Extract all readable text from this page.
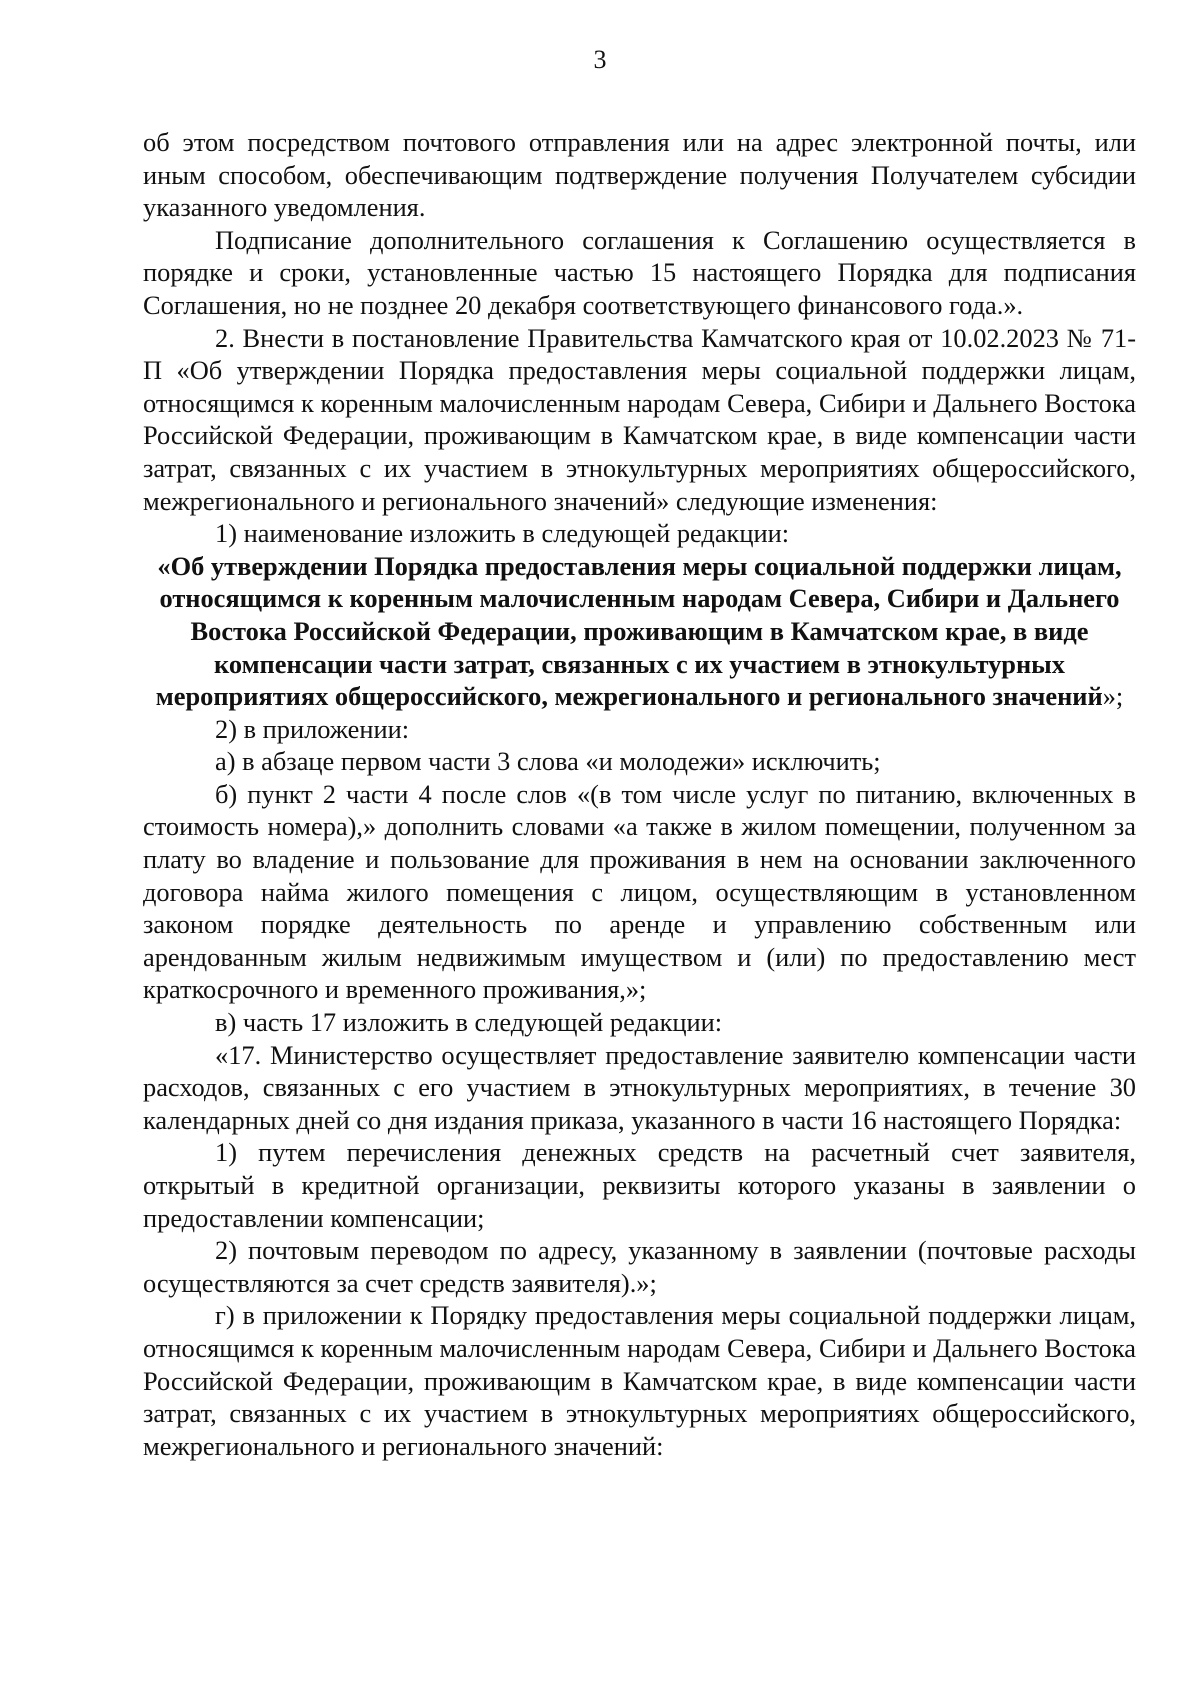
3

об этом посредством почтового отправления или на адрес электронной почты, или иным способом, обеспечивающим подтверждение получения Получателем субсидии указанного уведомления.

Подписание дополнительного соглашения к Соглашению осуществляется в порядке и сроки, установленные частью 15 настоящего Порядка для подписания Соглашения, но не позднее 20 декабря соответствующего финансового года.».

2. Внести в постановление Правительства Камчатского края от 10.02.2023 № 71-П «Об утверждении Порядка предоставления меры социальной поддержки лицам, относящимся к коренным малочисленным народам Севера, Сибири и Дальнего Востока Российской Федерации, проживающим в Камчатском крае, в виде компенсации части затрат, связанных с их участием в этнокультурных мероприятиях общероссийского, межрегионального и регионального значений» следующие изменения:

1) наименование изложить в следующей редакции:

«Об утверждении Порядка предоставления меры социальной поддержки лицам, относящимся к коренным малочисленным народам Севера, Сибири и Дальнего Востока Российской Федерации, проживающим в Камчатском крае, в виде компенсации части затрат, связанных с их участием в этнокультурных мероприятиях общероссийского, межрегионального и регионального значений»;

2) в приложении:

а) в абзаце первом части 3 слова «и молодежи» исключить;

б) пункт 2 части 4 после слов «(в том числе услуг по питанию, включенных в стоимость номера),» дополнить словами «а также в жилом помещении, полученном за плату во владение и пользование для проживания в нем на основании заключенного договора найма жилого помещения с лицом, осуществляющим в установленном законом порядке деятельность по аренде и управлению собственным или арендованным жилым недвижимым имуществом и (или) по предоставлению мест краткосрочного и временного проживания,»;

в) часть 17 изложить в следующей редакции:

«17. Министерство осуществляет предоставление заявителю компенсации части расходов, связанных с его участием в этнокультурных мероприятиях, в течение 30 календарных дней со дня издания приказа, указанного в части 16 настоящего Порядка:

1) путем перечисления денежных средств на расчетный счет заявителя, открытый в кредитной организации, реквизиты которого указаны в заявлении о предоставлении компенсации;

2) почтовым переводом по адресу, указанному в заявлении (почтовые расходы осуществляются за счет средств заявителя).»;

г) в приложении к Порядку предоставления меры социальной поддержки лицам, относящимся к коренным малочисленным народам Севера, Сибири и Дальнего Востока Российской Федерации, проживающим в Камчатском крае, в виде компенсации части затрат, связанных с их участием в этнокультурных мероприятиях общероссийского, межрегионального и регионального значений:
